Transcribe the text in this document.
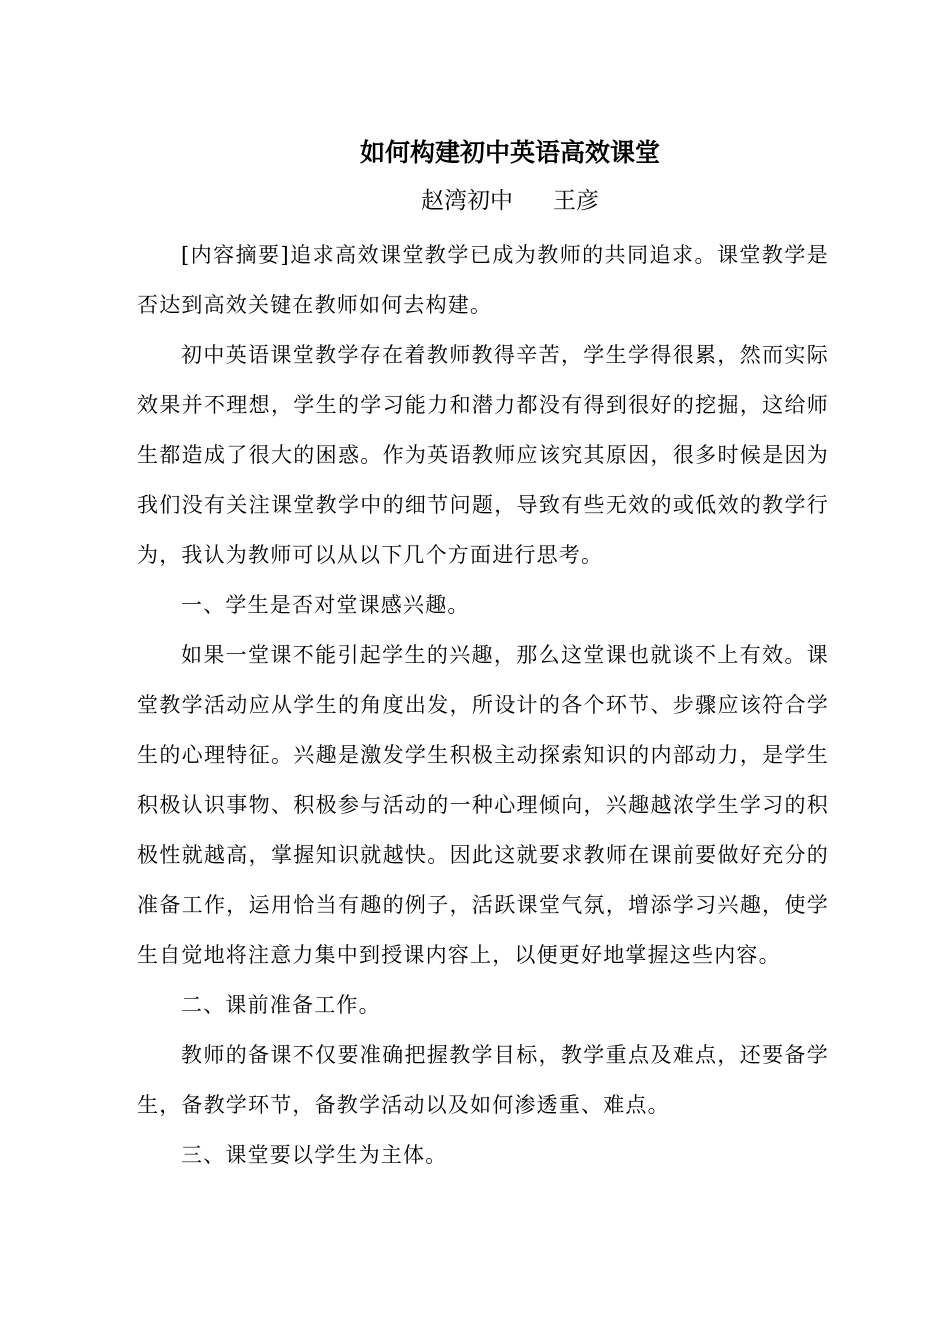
如何构建初中英语高效课堂
赵湾初中 王彦

[内容摘要]追求高效课堂教学已成为教师的共同追求。课堂教学是否达到高效关键在教师如何去构建。

初中英语课堂教学存在着教师教得辛苦，学生学得很累，然而实际效果并不理想，学生的学习能力和潜力都没有得到很好的挖掘，这给师生都造成了很大的困惑。作为英语教师应该究其原因，很多时候是因为我们没有关注课堂教学中的细节问题，导致有些无效的或低效的教学行为，我认为教师可以从以下几个方面进行思考。

一、学生是否对堂课感兴趣。

如果一堂课不能引起学生的兴趣，那么这堂课也就谈不上有效。课堂教学活动应从学生的角度出发，所设计的各个环节、步骤应该符合学生的心理特征。兴趣是激发学生积极主动探索知识的内部动力，是学生积极认识事物、积极参与活动的一种心理倾向，兴趣越浓学生学习的积极性就越高，掌握知识就越快。因此这就要求教师在课前要做好充分的准备工作，运用恰当有趣的例子，活跃课堂气氛，增添学习兴趣，使学生自觉地将注意力集中到授课内容上，以便更好地掌握这些内容。

二、课前准备工作。

教师的备课不仅要准确把握教学目标，教学重点及难点，还要备学生，备教学环节，备教学活动以及如何渗透重、难点。

三、课堂要以学生为主体。
